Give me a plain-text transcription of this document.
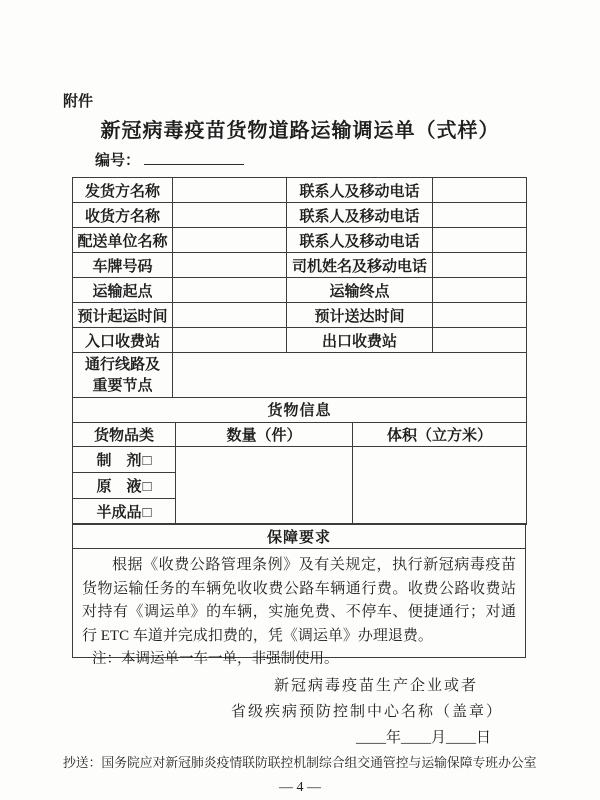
附件
新冠病毒疫苗货物道路运输调运单（式样）
编号：
发货方名称		联系人及移动电话	
收货方名称		联系人及移动电话	
配送单位名称		联系人及移动电话	
车牌号码		司机姓名及移动电话	
运输起点		运输终点	
预计起运时间		预计送达时间	
入口收费站		出口收费站	

通行线路及
重要节点			

货物信息		
货物品类	数量（件）	体积（立方米）
制　剂□		
原　液□		
半成品□		
保障要求
根据《收费公路管理条例》及有关规定，执行新冠病毒疫苗货物运输任务的车辆免收收费公路车辆通行费。收费公路收费站对持有《调运单》的车辆，实施免费、不停车、便捷通行；对通行 ETC 车道并完成扣费的，凭《调运单》办理退费。
注：本调运单一车一单，非强制使用。
新冠病毒疫苗生产企业或者
省级疾病预防控制中心名称（盖章）
____年____月____日
抄送：国务院应对新冠肺炎疫情联防联控机制综合组交通管控与运输保障专班办公室
— 4 —
